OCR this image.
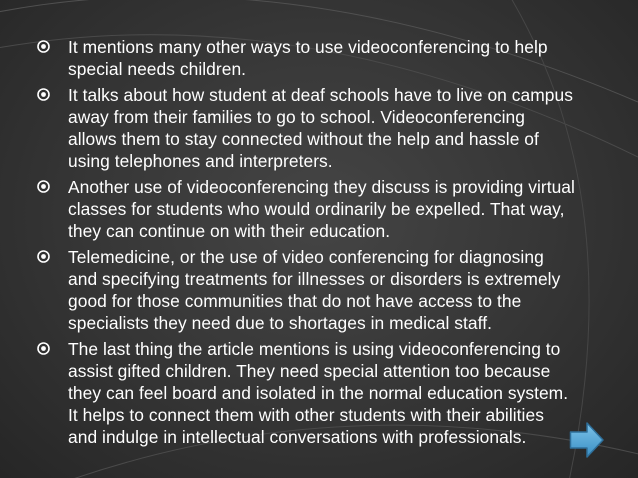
It mentions many other ways to use videoconferencing to help special needs children.
It talks about how student at deaf schools have to live on campus away from their families to go to school. Videoconferencing allows them to stay connected without the help and hassle of using telephones and interpreters.
Another use of videoconferencing they discuss is providing virtual classes for students who would ordinarily be expelled. That way, they can continue on with their education.
Telemedicine, or the use of video conferencing for diagnosing and specifying treatments for illnesses or disorders is extremely good for those communities that do not have access to the specialists they need due to shortages in medical staff.
The last thing the article mentions is using videoconferencing to assist gifted children. They need special attention too because they can feel board and isolated in the normal education system. It helps to connect them with other students with their abilities and indulge in intellectual conversations with professionals.
